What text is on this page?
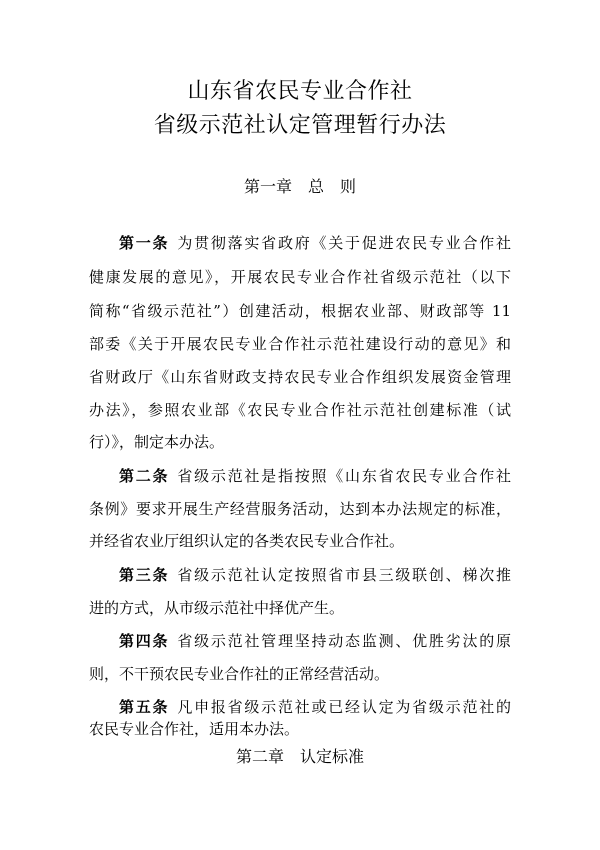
山东省农民专业合作社
省级示范社认定管理暂行办法
第一章　总　则
第一条 为贯彻落实省政府《关于促进农民专业合作社
健康发展的意见》，开展农民专业合作社省级示范社（以下
简称“省级示范社”）创建活动，根据农业部、财政部等 11
部委《关于开展农民专业合作社示范社建设行动的意见》和
省财政厅《山东省财政支持农民专业合作组织发展资金管理
办法》，参照农业部《农民专业合作社示范社创建标准（试
行）》，制定本办法。
第二条 省级示范社是指按照《山东省农民专业合作社
条例》要求开展生产经营服务活动，达到本办法规定的标准，
并经省农业厅组织认定的各类农民专业合作社。
第三条 省级示范社认定按照省市县三级联创、梯次推
进的方式，从市级示范社中择优产生。
第四条 省级示范社管理坚持动态监测、优胜劣汰的原
则，不干预农民专业合作社的正常经营活动。
第五条 凡申报省级示范社或已经认定为省级示范社的
农民专业合作社，适用本办法。
第二章　认定标准
